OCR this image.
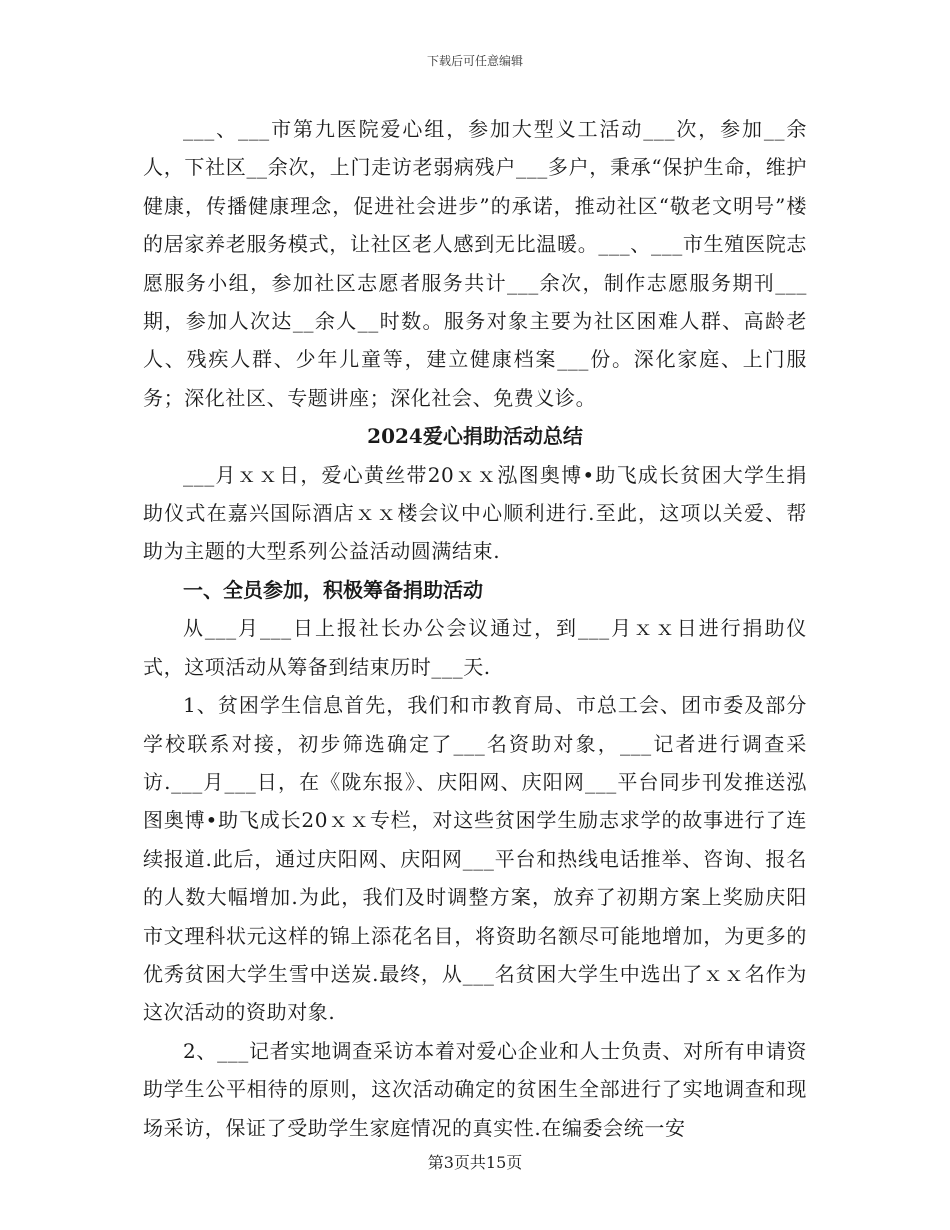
下载后可任意编辑

___、___市第九医院爱心组，参加大型义工活动___次，参加__余人，下社区__余次，上门走访老弱病残户___多户，秉承“保护生命，维护健康，传播健康理念，促进社会进步”的承诺，推动社区“敬老文明号”楼的居家养老服务模式，让社区老人感到无比温暖。___、___市生殖医院志愿服务小组，参加社区志愿者服务共计___余次，制作志愿服务期刊___期，参加人次达__余人__时数。服务对象主要为社区困难人群、高龄老人、残疾人群、少年儿童等，建立健康档案___份。深化家庭、上门服务；深化社区、专题讲座；深化社会、免费义诊。

2024爱心捐助活动总结

___月ｘｘ日，爱心黄丝带20ｘｘ泓图奥博•助飞成长贫困大学生捐助仪式在嘉兴国际酒店ｘｘ楼会议中心顺利进行.至此，这项以关爱、帮助为主题的大型系列公益活动圆满结束.

一、全员参加，积极筹备捐助活动

从___月___日上报社长办公会议通过，到___月ｘｘ日进行捐助仪式，这项活动从筹备到结束历时___天.

1、贫困学生信息首先，我们和市教育局、市总工会、团市委及部分学校联系对接，初步筛选确定了___名资助对象，___记者进行调查采访.___月___日，在《陇东报》、庆阳网、庆阳网___平台同步刊发推送泓图奥博•助飞成长20ｘｘ专栏，对这些贫困学生励志求学的故事进行了连续报道.此后，通过庆阳网、庆阳网___平台和热线电话推举、咨询、报名的人数大幅增加.为此，我们及时调整方案，放弃了初期方案上奖励庆阳市文理科状元这样的锦上添花名目，将资助名额尽可能地增加，为更多的优秀贫困大学生雪中送炭.最终，从___名贫困大学生中选出了ｘｘ名作为这次活动的资助对象.

2、___记者实地调查采访本着对爱心企业和人士负责、对所有申请资助学生公平相待的原则，这次活动确定的贫困生全部进行了实地调查和现场采访，保证了受助学生家庭情况的真实性.在编委会统一安

第3页共15页
